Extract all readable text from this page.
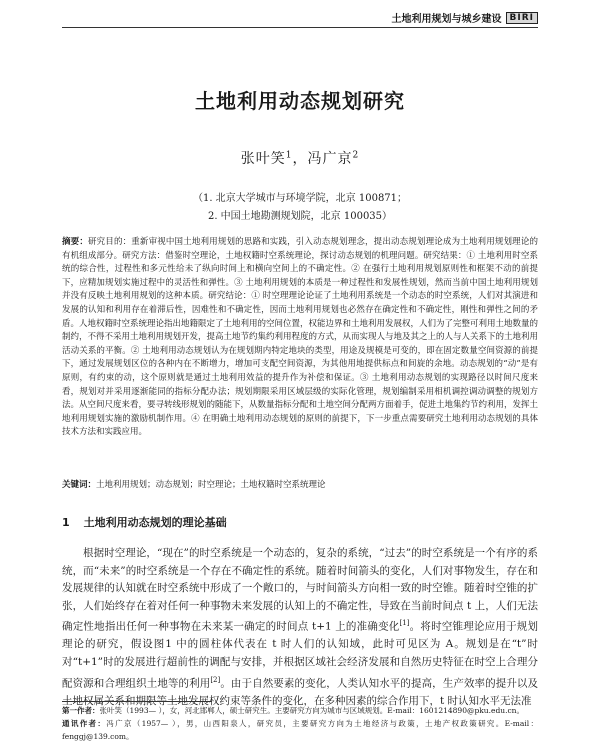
土地利用规划与城乡建设 BIRI
土地利用动态规划研究
张叶笑$^1$，冯广京$^2$
（1. 北京大学城市与环境学院，北京 100871；
2. 中国土地勘测规划院，北京 100035）
摘要：研究目的：重新审视中国土地利用规划的思路和实践，引入动态规划理念，提出动态规划理论成为土地利用规划理论的有机组成部分。研究方法：借鉴时空理论，土地权籍时空系统理论，探讨动态规划的机理问题。研究结果：① 土地利用时空系统的综合性，过程性和多元性给未了纵向时间上和横向空间上的不确定性。② 在强行土地利用规划原则性和框架不动的前提下，应精加规划实施过程中的灵活性和弹性。③ 土地利用规划的本质是一种过程性和发展性规划，然而当前中国土地利用规划并没有反映土地利用规划的这种本质。研究结论：① 时空理理论论证了土地利用系统是一个动态的时空系统，人们对其演进和发展的认知和利用存在着滞后性，因难性和不确定性，因而土地利用规划也必然存在确定性和不确定性，刚性和弹性之间的矛盾。人地权籍时空系统理论指出地籍限定了土地利用的空间位置，权能边界和土地利用发展权，人们为了完整可利用土地数量的制约，不得不采用土地利用规划开发，提高土地节约集约利用程度的方式，从而实现人与地及其之上的人与人关系下的土地利用活动关系的平衡。② 土地利用动态规划认为在规划期内特定地块的类型，用途及规模是可变的，即在固定数量空间资源的前提下，通过发展规划区位的各种内在不断增力，增加可支配空间资源，为其他用地提供标点和间旋的余地。动态规划的“动”是有原则，有约束的动，这个原则就是通过土地利用效益的提升作为补偿和保证。③ 土地利用动态规划的实现路径以时间尺度来看，规划对并采用逐渐能同的指标分配办法；规划期限采用区域层级的实际化管理，规划编制采用相机调控调动调整的规划方法。从空间尺度来看，要寻转线形规划的随能下，从数量指标分配和土地空间分配两方面着手，促进土地集约节约利用，发挥土地利用规划实施的激励机制作用。④ 在明确土地利用动态规划的原则的前提下，下一步重点需要研究土地利用动态规划的具体技术方法和实践应用。
关键词：土地利用规划；动态规划；时空理论；土地权籍时空系统理论
1 土地利用动态规划的理论基础
根据时空理论，“现在”的时空系统是一个动态的，复杂的系统，“过去”的时空系统是一个有序的系统，而“未来”的时空系统是一个存在不确定性的系统。随着时间箭头的变化，人们对事物发生，存在和发展规律的认知就在时空系统中形成了一个敞口的，与时间箭头方向相一致的时空锥。随着时空锥的扩张，人们始终存在着对任何一种事物未来发展的认知上的不确定性，导致在当前时间点 t 上，人们无法确定性地指出任何一种事物在未来某一确定的时间点 t+1 上的准确变化[1]。将时空锥理论应用于规划理论的研究，假设图1 中的圆柱体代表在 t 时人们的认知域，此时可见区为 A。规划是在“t”时对“t+1”时的发展进行超前性的调配与安排，并根据区域社会经济发展和自然历史特征在时空上合理分配资源和合理组织土地等的利用[2]。由于自然要素的变化，人类认知水平的提高，生产效率的提升以及土地权属关系和期限等土地发展权约束等条件的变化，在多种因素的综合作用下，t 时认知水平无法准
第一作者：张叶笑（1993— ），女，河北邯郸人，硕士研究生。主要研究方向为城市与区域规划。E-mail：1601214890@pku.edu.cn。
通讯作者：冯广京（1957— ），男，山西阳泉人，研究员，主要研究方向为土地经济与政策，土地产权政策研究。E-mail：fenggj@139.com。
